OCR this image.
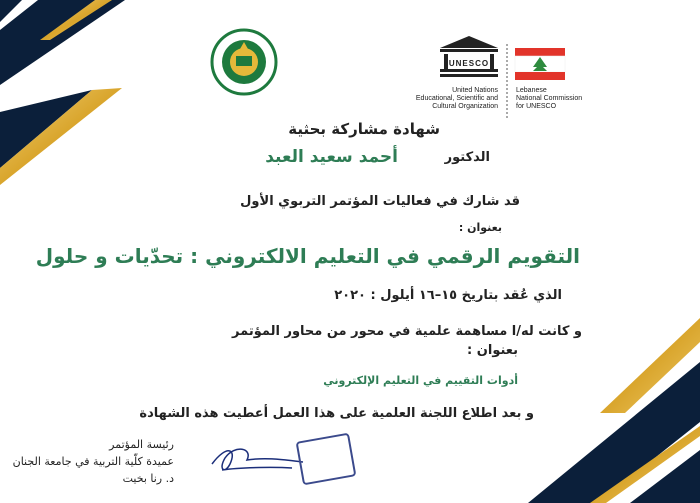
UNESCO
United Nations
Educational, Scientific and
Cultural Organization
Lebanese
National Commission
for UNESCO
شهادة مشاركة بحثية
الدكتور
أحمد سعيد العبد
قد شارك في فعاليات المؤتمر التربوي الأول
بعنوان :
التقويم الرقمي في التعليم الالكتروني : تحدّيات و حلول
الذي عُقد بتاريخ ١٥–١٦ أيلول : ٢٠٢٠
و كانت له/ا مساهمة علمية في محور من محاور المؤتمر
بعنوان :
أدوات التقييم في التعليم الإلكتروني
و بعد اطلاع اللجنة العلمية على هذا العمل أعطيت هذه الشهادة
رئيسة المؤتمر
عميدة كلّية التربية في جامعة الجنان
د. رنا بخيت
